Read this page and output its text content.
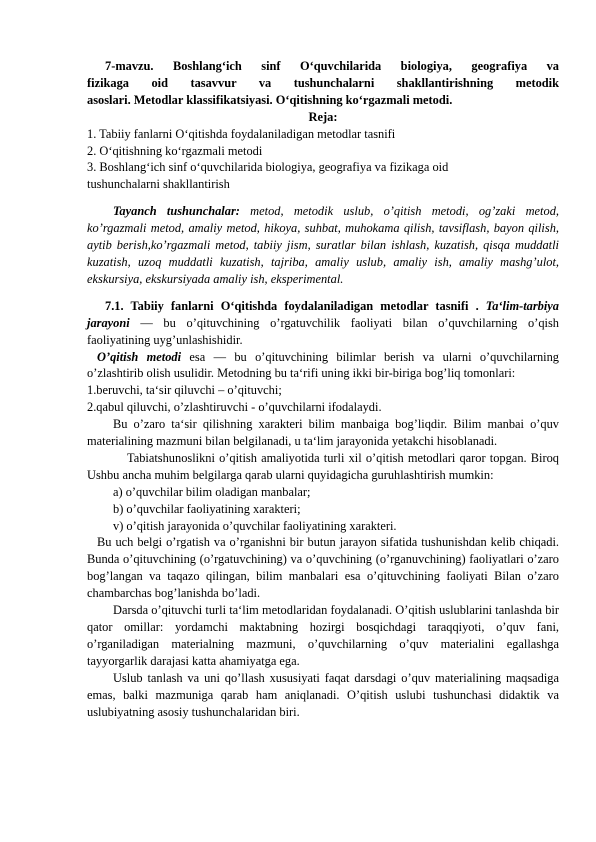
7-mavzu. Boshlang‘ich sinf O‘quvchilarida biologiya, geografiya va

fizikaga oid tasavvur va tushunchalarni shakllantirishning metodik

asoslari. Metodlar klassifikatsiyasi. O‘qitishning ko‘rgazmali metodi.

Reja:

1. Tabiiy fanlarni O‘qitishda foydalaniladigan metodlar tasnifi

2. O‘qitishning ko‘rgazmali metodi

3. Boshlang‘ich sinf o‘quvchilarida biologiya, geografiya va fizikaga oid

tushunchalarni shakllantirish

Tayanch tushunchalar: metod, metodik uslub, o’qitish metodi, og’zaki metod, ko’rgazmali metod, amaliy metod, hikoya, suhbat, muhokama qilish, tavsiflash, bayon qilish, aytib berish,ko’rgazmali metod, tabiiy jism, suratlar bilan ishlash, kuzatish, qisqa muddatli kuzatish, uzoq muddatli kuzatish, tajriba, amaliy uslub, amaliy ish, amaliy mashg’ulot, ekskursiya, ekskursiyada amaliy ish, eksperimental.

7.1. Tabiiy fanlarni O‘qitishda foydalaniladigan metodlar tasnifi . Ta‘lim-tarbiya jarayoni — bu o’qituvchining o’rgatuvchilik faoliyati bilan o’quvchilarning o’qish faoliyatining uyg’unlashishidir.

O’qitish metodi esa — bu o’qituvchining bilimlar berish va ularni o’quvchilarning o’zlashtirib olish usulidir. Metodning bu ta‘rifi uning ikki bir-biriga bog’liq tomonlari:

1.beruvchi, ta‘sir qiluvchi – o’qituvchi;

2.qabul qiluvchi, o’zlashtiruvchi - o’quvchilarni ifodalaydi.

Bu o’zaro ta‘sir qilishning xarakteri bilim manbaiga bog’liqdir. Bilim manbai o’quv materialining mazmuni bilan belgilanadi, u ta‘lim jarayonida yetakchi hisoblanadi.

Tabiatshunoslikni o’qitish amaliyotida turli xil o’qitish metodlari qaror topgan. Biroq Ushbu ancha muhim belgilarga qarab ularni quyidagicha guruhlashtirish mumkin:

a) o’quvchilar bilim oladigan manbalar;

b) o’quvchilar faoliyatining xarakteri;

v) o’qitish jarayonida o’quvchilar faoliyatining xarakteri.

Bu uch belgi o’rgatish va o’rganishni bir butun jarayon sifatida tushunishdan kelib chiqadi. Bunda o’qituvchining (o’rgatuvchining) va o’quvchining (o’rganuvchining) faoliyatlari o’zaro bog’langan va taqazo qilingan, bilim manbalari esa o’qituvchining faoliyati Bilan o’zaro chambarchas bog’lanishda bo’ladi.

Darsda o’qituvchi turli ta‘lim metodlaridan foydalanadi. O’qitish uslublarini tanlashda bir qator omillar: yordamchi maktabning hozirgi bosqichdagi taraqqiyoti, o’quv fani, o’rganiladigan materialning mazmuni, o’quvchilarning o’quv materialini egallashga tayyorgarlik darajasi katta ahamiyatga ega.

Uslub tanlash va uni qo’llash xususiyati faqat darsdagi o’quv materialining maqsadiga emas, balki mazmuniga qarab ham aniqlanadi. O’qitish uslubi tushunchasi didaktik va uslubiyatning asosiy tushunchalaridan biri.
